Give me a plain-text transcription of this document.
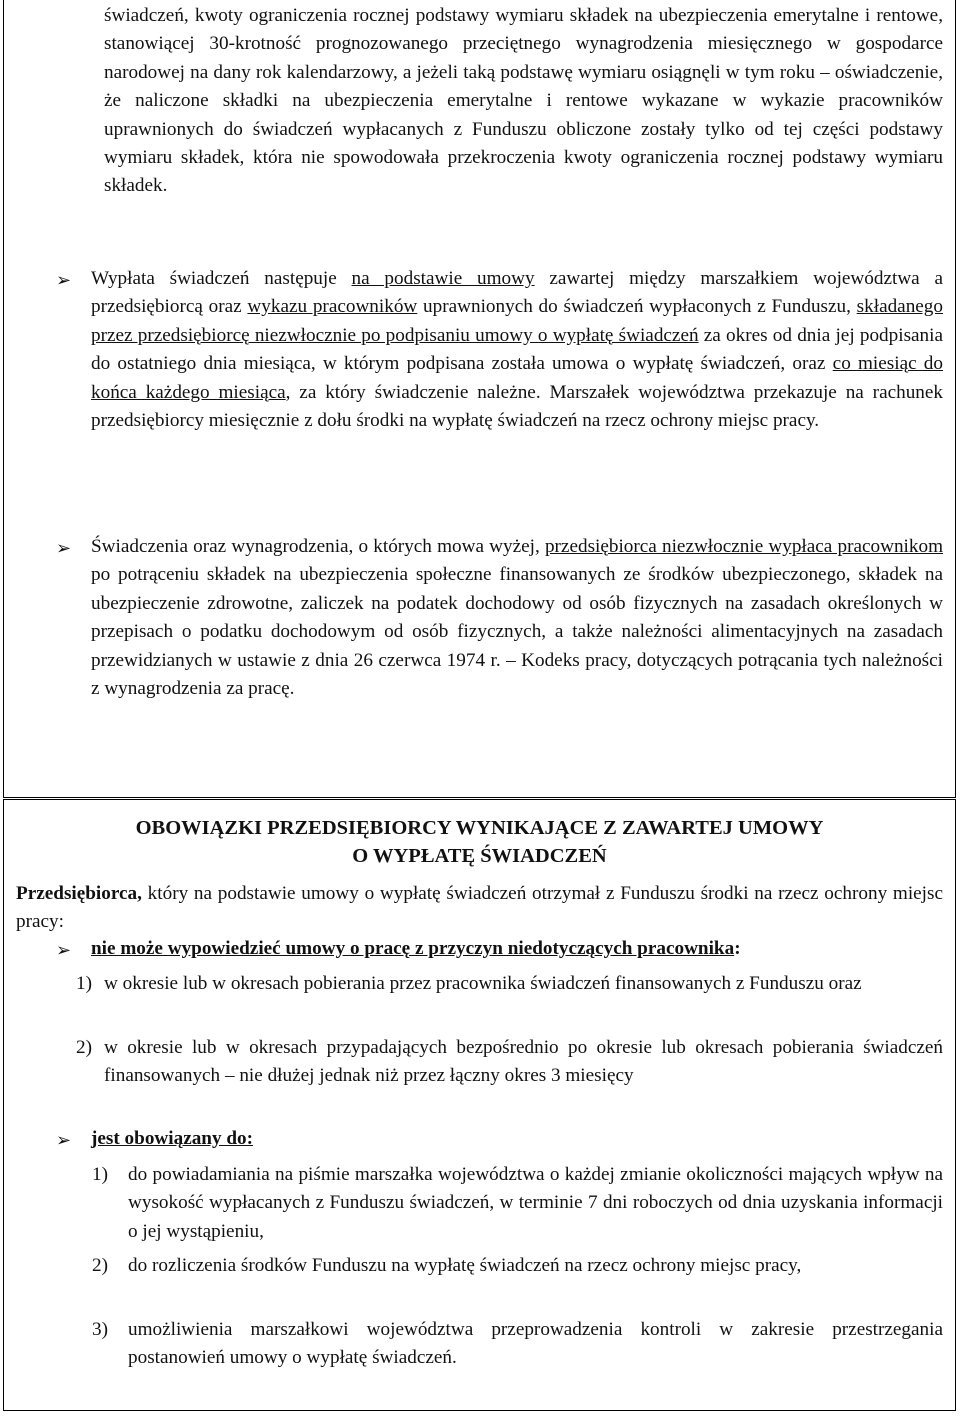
świadczeń, kwoty ograniczenia rocznej podstawy wymiaru składek na ubezpieczenia emerytalne i rentowe, stanowiącej 30-krotność prognozowanego przeciętnego wynagrodzenia miesięcznego w gospodarce narodowej na dany rok kalendarzowy, a jeżeli taką podstawę wymiaru osiągnęli w tym roku – oświadczenie, że naliczone składki na ubezpieczenia emerytalne i rentowe wykazane w wykazie pracowników uprawnionych do świadczeń wypłacanych z Funduszu obliczone zostały tylko od tej części podstawy wymiaru składek, która nie spowodowała przekroczenia kwoty ograniczenia rocznej podstawy wymiaru składek.

➢ Wypłata świadczeń następuje na podstawie umowy zawartej między marszałkiem województwa a przedsiębiorcą oraz wykazu pracowników uprawnionych do świadczeń wypłaconych z Funduszu, składanego przez przedsiębiorcę niezwłocznie po podpisaniu umowy o wypłatę świadczeń za okres od dnia jej podpisania do ostatniego dnia miesiąca, w którym podpisana została umowa o wypłatę świadczeń, oraz co miesiąc do końca każdego miesiąca, za który świadczenie należne. Marszałek województwa przekazuje na rachunek przedsiębiorcy miesięcznie z dołu środki na wypłatę świadczeń na rzecz ochrony miejsc pracy.

➢ Świadczenia oraz wynagrodzenia, o których mowa wyżej, przedsiębiorca niezwłocznie wypłaca pracownikom po potrąceniu składek na ubezpieczenia społeczne finansowanych ze środków ubezpieczonego, składek na ubezpieczenie zdrowotne, zaliczek na podatek dochodowy od osób fizycznych na zasadach określonych w przepisach o podatku dochodowym od osób fizycznych, a także należności alimentacyjnych na zasadach przewidzianych w ustawie z dnia 26 czerwca 1974 r. – Kodeks pracy, dotyczących potrącania tych należności z wynagrodzenia za pracę.

OBOWIĄZKI PRZEDSIĘBIORCY WYNIKAJĄCE Z ZAWARTEJ UMOWY

O WYPŁATĘ ŚWIADCZEŃ

Przedsiębiorca, który na podstawie umowy o wypłatę świadczeń otrzymał z Funduszu środki na rzecz ochrony miejsc pracy:

➢ nie może wypowiedzieć umowy o pracę z przyczyn niedotyczących pracownika:

1) w okresie lub w okresach pobierania przez pracownika świadczeń finansowanych z Funduszu oraz

2) w okresie lub w okresach przypadających bezpośrednio po okresie lub okresach pobierania świadczeń finansowanych – nie dłużej jednak niż przez łączny okres 3 miesięcy

➢ jest obowiązany do:

1) do powiadamiania na piśmie marszałka województwa o każdej zmianie okoliczności mających wpływ na wysokość wypłacanych z Funduszu świadczeń, w terminie 7 dni roboczych od dnia uzyskania informacji o jej wystąpieniu,

2) do rozliczenia środków Funduszu na wypłatę świadczeń na rzecz ochrony miejsc pracy,

3) umożliwienia marszałkowi województwa przeprowadzenia kontroli w zakresie przestrzegania postanowień umowy o wypłatę świadczeń.
